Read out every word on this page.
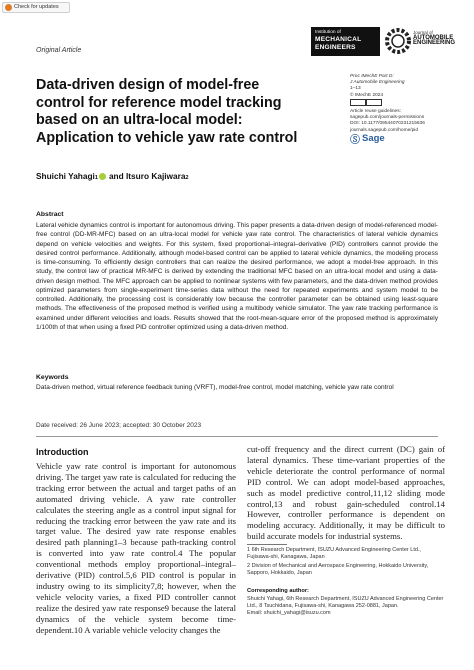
Check for updates
Original Article
Institution of
MECHANICAL
ENGINEERS
Journal of
AUTOMOBILE
ENGINEERING
Data-driven design of model-free control for reference model tracking based on an ultra-local model: Application to vehicle yaw rate control
Proc IMechE Part D:
J Automobile Engineering
1–13
© IMechE 2024
Article reuse guidelines:
sagepub.com/journals-permissions
DOI: 10.1177/09544070231215636
journals.sagepub.com/home/pid
Ⓢ Sage
Shuichi Yahagi$_1$ and Itsuro Kajiwara$_2$
Abstract
Lateral vehicle dynamics control is important for autonomous driving. This paper presents a data-driven design of model-referenced model-free control (DD-MR-MFC) based on an ultra-local model for vehicle yaw rate control. The characteristics of lateral vehicle dynamics depend on vehicle velocities and weights. For this system, fixed proportional–integral–derivative (PID) controllers cannot provide the desired control performance. Additionally, although model-based control can be applied to lateral vehicle dynamics, the modeling process is time-consuming. To efficiently design controllers that can realize the desired performance, we adopt a model-free approach. In this study, the control law of practical MR-MFC is derived by extending the traditional MFC based on an ultra-local model and using a data-driven design method. The MFC approach can be applied to nonlinear systems with few parameters, and the data-driven method provides optimized parameters from single-experiment time-series data without the need for repeated experiments and system model to be controlled. Additionally, the processing cost is considerably low because the controller parameter can be obtained using least-square methods. The effectiveness of the proposed method is verified using a multibody vehicle simulator. The yaw rate tracking performance is examined under different velocities and loads. Results showed that the root-mean-square error of the proposed method is approximately 1/100th of that when using a fixed PID controller optimized using a data-driven method.
Keywords
Data-driven method, virtual reference feedback tuning (VRFT), model-free control, model matching, vehicle yaw rate control
Date received: 26 June 2023; accepted: 30 October 2023
Introduction
Vehicle yaw rate control is important for autonomous driving. The target yaw rate is calculated for reducing the tracking error between the actual and target paths of an automated driving vehicle. A yaw rate controller calculates the steering angle as a control input signal for reducing the tracking error between the yaw rate and its target value. The desired yaw rate response enables desired path planning1–3 because path-tracking control is converted into yaw rate control.4 The popular conventional methods employ proportional–integral–derivative (PID) control.5,6 PID control is popular in industry owing to its simplicity7,8; however, when the vehicle velocity varies, a fixed PID controller cannot realize the desired yaw rate response9 because the lateral dynamics of the vehicle system become time-dependent.10 A variable vehicle velocity changes the
cut-off frequency and the direct current (DC) gain of lateral dynamics. These time-variant properties of the vehicle deteriorate the control performance of normal PID control. We can adopt model-based approaches, such as model predictive control,11,12 sliding mode control,13 and robust gain-scheduled control.14 However, controller performance is dependent on modeling accuracy. Additionally, it may be difficult to build accurate models for industrial systems.
1 6th Research Department, ISUZU Advanced Engineering Center Ltd., Fujisawa-shi, Kanagawa, Japan
2 Division of Mechanical and Aerospace Engineering, Hokkaido University, Sapporo, Hokkaido, Japan
Corresponding author:
Shuichi Yahagi, 6th Research Department, ISUZU Advanced Engineering Center Ltd., 8 Tsuchidana, Fujisawa-shi, Kanagawa 252-0881, Japan.
Email: shuichi_yahagi@isuzu.com
